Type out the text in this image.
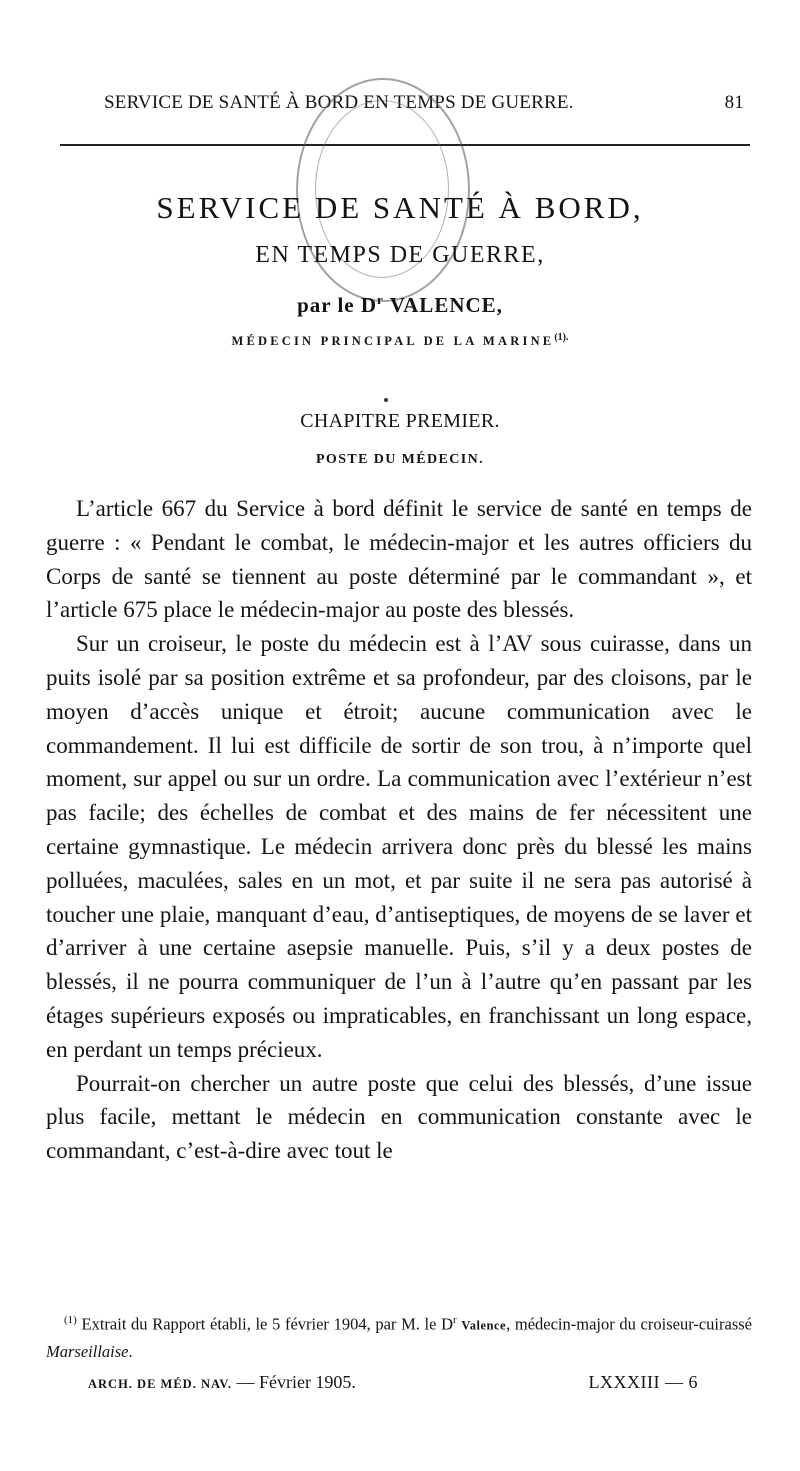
SERVICE DE SANTÉ À BORD EN TEMPS DE GUERRE.	81
SERVICE DE SANTÉ À BORD,
EN TEMPS DE GUERRE,
par le $D^r$ VALENCE,
MÉDECIN PRINCIPAL DE LA $MARINE^{(1).}$
CHAPITRE PREMIER.
POSTE DU MÉDECIN.

L’article 667 du Service à bord définit le service de santé en temps de guerre : « Pendant le combat, le médecin-major et les autres officiers du Corps de santé se tiennent au poste déterminé par le commandant », et l’article 675 place le médecin-major au poste des blessés.

Sur un croiseur, le poste du médecin est à l’AV sous cuirasse, dans un puits isolé par sa position extrême et sa profondeur, par des cloisons, par le moyen d’accès unique et étroit; aucune communication avec le commandement. Il lui est difficile de sortir de son trou, à n’importe quel moment, sur appel ou sur un ordre. La communication avec l’extérieur n’est pas facile; des échelles de combat et des mains de fer nécessitent une certaine gymnastique. Le médecin arrivera donc près du blessé les mains polluées, maculées, sales en un mot, et par suite il ne sera pas autorisé à toucher une plaie, manquant d’eau, d’antiseptiques, de moyens de se laver et d’arriver à une certaine asepsie manuelle. Puis, s’il y a deux postes de blessés, il ne pourra communiquer de l’un à l’autre qu’en passant par les étages supérieurs exposés ou impraticables, en franchissant un long espace, en perdant un temps précieux.

Pourrait-on chercher un autre poste que celui des blessés, d’une issue plus facile, mettant le médecin en communication constante avec le commandant, c’est-à-dire avec tout le

$^{(1)}$ Extrait du Rapport établi, le 5 février 1904, par M. le $D^r$ Valence, médecin-major du croiseur-cuirassé Marseillaise.

ARCH. DE MÉD. NAV. — Février 1905.	LXXXIII — 6
